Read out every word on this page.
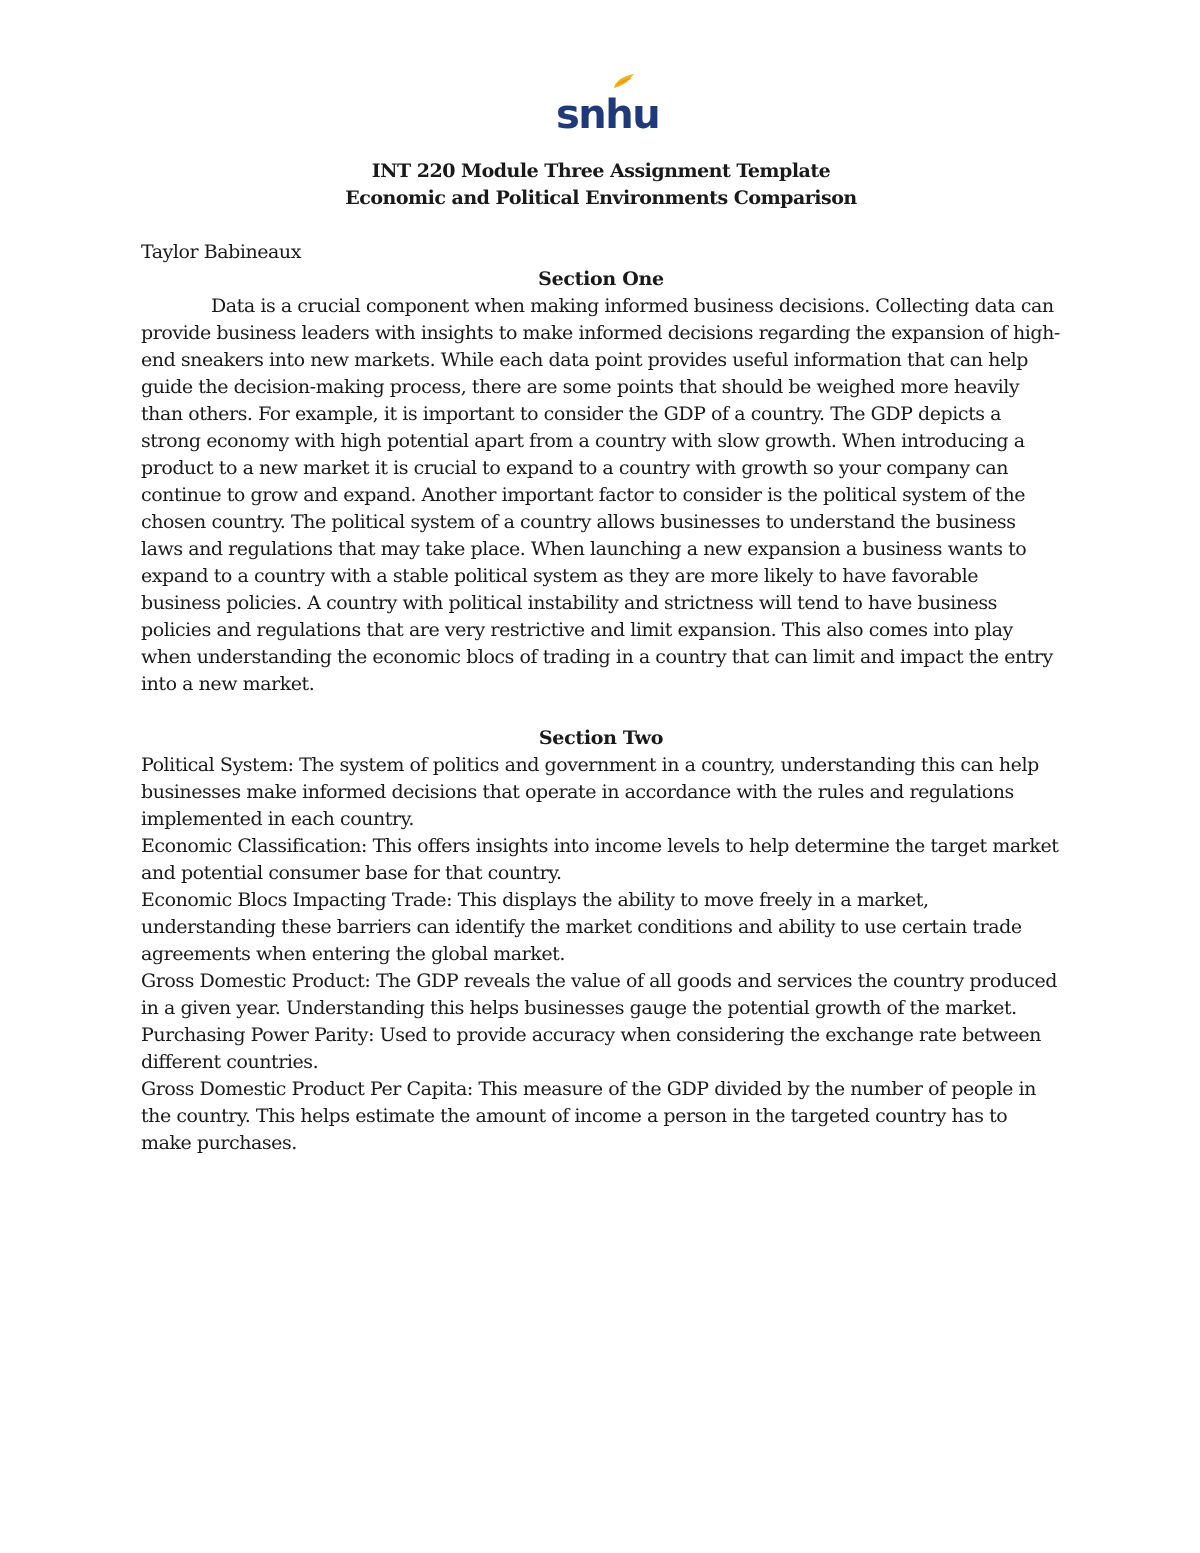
snhu
INT 220 Module Three Assignment Template
Economic and Political Environments Comparison
Taylor Babineaux
Section One

Data is a crucial component when making informed business decisions. Collecting data can provide business leaders with insights to make informed decisions regarding the expansion of high-end sneakers into new markets. While each data point provides useful information that can help guide the decision-making process, there are some points that should be weighed more heavily than others. For example, it is important to consider the GDP of a country. The GDP depicts a strong economy with high potential apart from a country with slow growth. When introducing a product to a new market it is crucial to expand to a country with growth so your company can continue to grow and expand. Another important factor to consider is the political system of the chosen country. The political system of a country allows businesses to understand the business laws and regulations that may take place. When launching a new expansion a business wants to expand to a country with a stable political system as they are more likely to have favorable business policies. A country with political instability and strictness will tend to have business policies and regulations that are very restrictive and limit expansion. This also comes into play when understanding the economic blocs of trading in a country that can limit and impact the entry into a new market.

Section Two

Political System: The system of politics and government in a country, understanding this can help businesses make informed decisions that operate in accordance with the rules and regulations implemented in each country.

Economic Classification: This offers insights into income levels to help determine the target market and potential consumer base for that country.

Economic Blocs Impacting Trade: This displays the ability to move freely in a market, understanding these barriers can identify the market conditions and ability to use certain trade agreements when entering the global market.

Gross Domestic Product: The GDP reveals the value of all goods and services the country produced in a given year. Understanding this helps businesses gauge the potential growth of the market.

Purchasing Power Parity: Used to provide accuracy when considering the exchange rate between different countries.

Gross Domestic Product Per Capita: This measure of the GDP divided by the number of people in the country. This helps estimate the amount of income a person in the targeted country has to make purchases.
